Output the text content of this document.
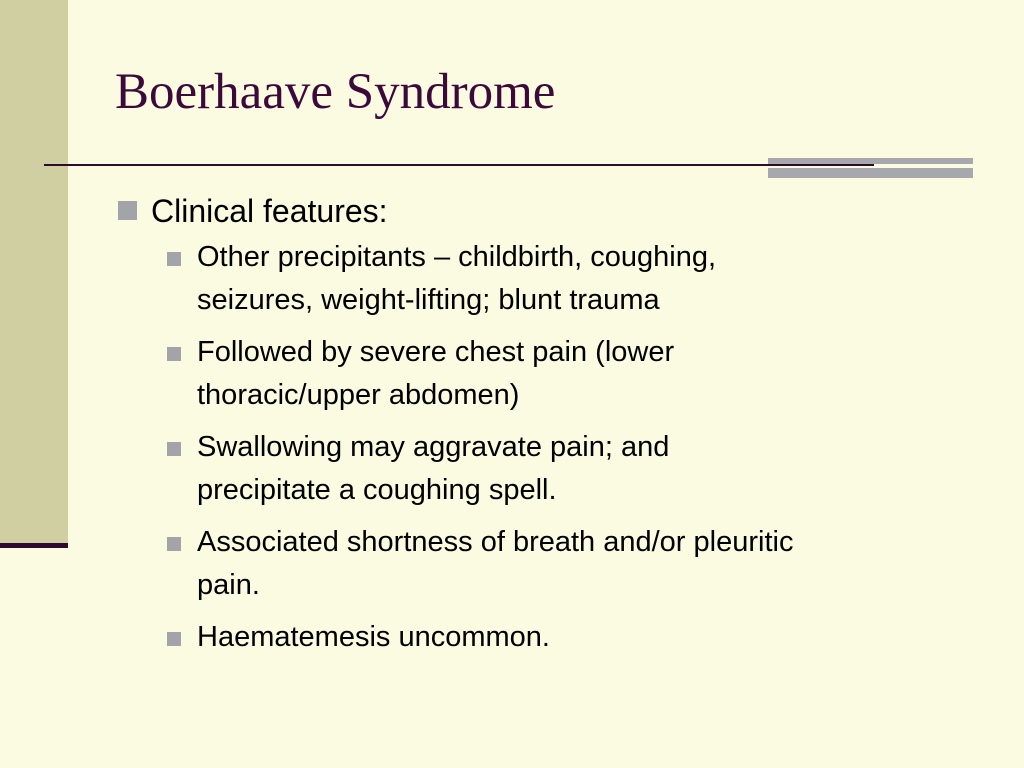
Boerhaave Syndrome
Clinical features:
Other precipitants – childbirth, coughing,
seizures, weight-lifting; blunt trauma
Followed by severe chest pain (lower
thoracic/upper abdomen)
Swallowing may aggravate pain; and
precipitate a coughing spell.
Associated shortness of breath and/or pleuritic
pain.
Haematemesis uncommon.
